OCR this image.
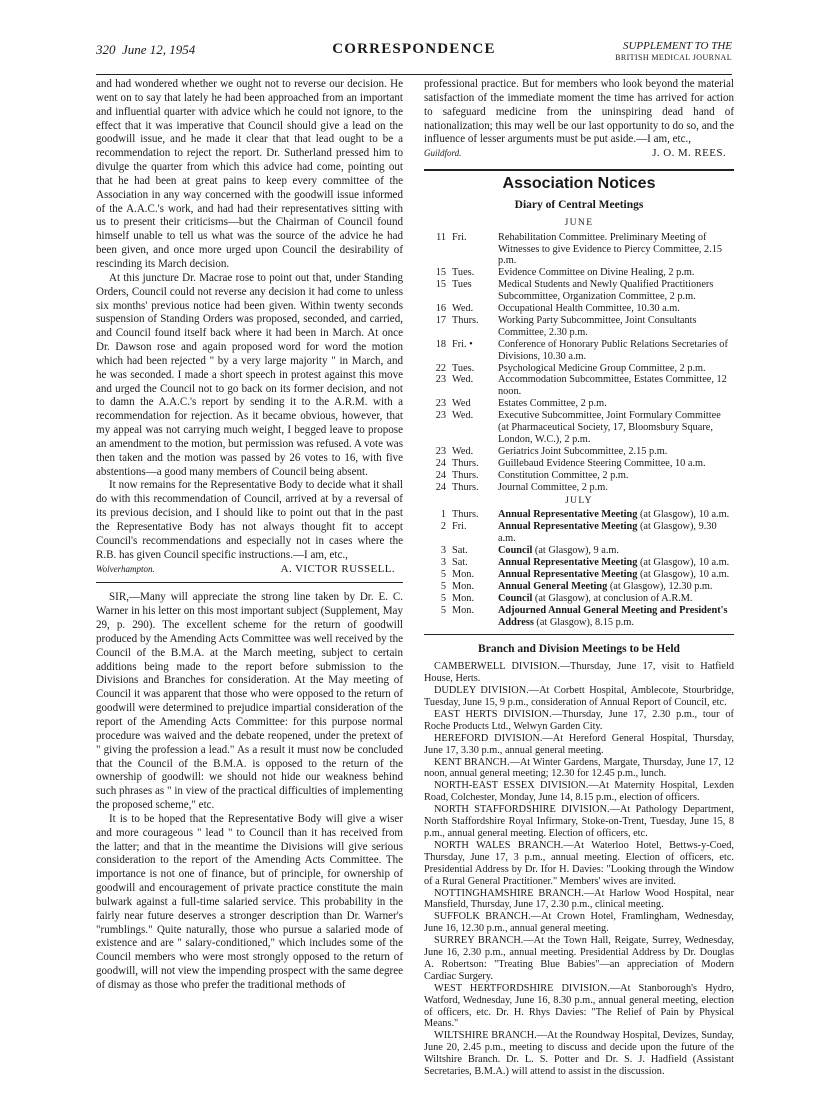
320 June 12, 1954	CORRESPONDENCE	SUPPLEMENT TO THE
BRITISH MEDICAL JOURNAL

and had wondered whether we ought not to reverse our decision. He went on to say that lately he had been approached from an important and influential quarter with advice which he could not ignore, to the effect that it was imperative that Council should give a lead on the goodwill issue, and he made it clear that that lead ought to be a recommendation to reject the report. Dr. Sutherland pressed him to divulge the quarter from which this advice had come, pointing out that he had been at great pains to keep every committee of the Association in any way concerned with the goodwill issue informed of the A.A.C.'s work, and had had their representatives sitting with us to present their criticisms—but the Chairman of Council found himself unable to tell us what was the source of the advice he had been given, and once more urged upon Council the desirability of rescinding its March decision.

At this juncture Dr. Macrae rose to point out that, under Standing Orders, Council could not reverse any decision it had come to unless six months' previous notice had been given. Within twenty seconds suspension of Standing Orders was proposed, seconded, and carried, and Council found itself back where it had been in March. At once Dr. Dawson rose and again proposed word for word the motion which had been rejected " by a very large majority " in March, and he was seconded. I made a short speech in protest against this move and urged the Council not to go back on its former decision, and not to damn the A.A.C.'s report by sending it to the A.R.M. with a recommendation for rejection. As it became obvious, however, that my appeal was not carrying much weight, I begged leave to propose an amendment to the motion, but permission was refused. A vote was then taken and the motion was passed by 26 votes to 16, with five abstentions—a good many members of Council being absent.

It now remains for the Representative Body to decide what it shall do with this recommendation of Council, arrived at by a reversal of its previous decision, and I should like to point out that in the past the Representative Body has not always thought fit to accept Council's recommendations and especially not in cases where the R.B. has given Council specific instructions.—I am, etc.,

Wolverhampton.	A. VICTOR RUSSELL.

SIR,—Many will appreciate the strong line taken by Dr. E. C. Warner in his letter on this most important subject (Supplement, May 29, p. 290). The excellent scheme for the return of goodwill produced by the Amending Acts Committee was well received by the Council of the B.M.A. at the March meeting, subject to certain additions being made to the report before submission to the Divisions and Branches for consideration. At the May meeting of Council it was apparent that those who were opposed to the return of goodwill were determined to prejudice impartial consideration of the report of the Amending Acts Committee: for this purpose normal procedure was waived and the debate reopened, under the pretext of " giving the profession a lead." As a result it must now be concluded that the Council of the B.M.A. is opposed to the return of the ownership of goodwill: we should not hide our weakness behind such phrases as " in view of the practical difficulties of implementing the proposed scheme," etc.

It is to be hoped that the Representative Body will give a wiser and more courageous " lead " to Council than it has received from the latter; and that in the meantime the Divisions will give serious consideration to the report of the Amending Acts Committee. The importance is not one of finance, but of principle, for ownership of goodwill and encouragement of private practice constitute the main bulwark against a full-time salaried service. This probability in the fairly near future deserves a stronger description than Dr. Warner's "rumblings." Quite naturally, those who pursue a salaried mode of existence and are " salary-conditioned," which includes some of the Council members who were most strongly opposed to the return of goodwill, will not view the impending prospect with the same degree of dismay as those who prefer the traditional methods of

professional practice. But for members who look beyond the material satisfaction of the immediate moment the time has arrived for action to safeguard medicine from the uninspiring dead hand of nationalization; this may well be our last opportunity to do so, and the influence of lesser arguments must be put aside.—I am, etc.,

Guildford.	J. O. M. REES.
Association Notices
Diary of Central Meetings
JUNE
11 Fri.	Rehabilitation Committee. Preliminary Meeting of Witnesses to give Evidence to Piercy Committee, 2.15 p.m.
15 Tues.	Evidence Committee on Divine Healing, 2 p.m.
15 Tues	Medical Students and Newly Qualified Practitioners Subcommittee, Organization Committee, 2 p.m.
16 Wed.	Occupational Health Committee, 10.30 a.m.
17 Thurs.	Working Party Subcommittee, Joint Consultants Committee, 2.30 p.m.
18 Fri. •	Conference of Honorary Public Relations Secretaries of Divisions, 10.30 a.m.
22 Tues.	Psychological Medicine Group Committee, 2 p.m.
23 Wed.	Accommodation Subcommittee, Estates Committee, 12 noon.
23 Wed	Estates Committee, 2 p.m.
23 Wed.	Executive Subcommittee, Joint Formulary Committee (at Pharmaceutical Society, 17, Bloomsbury Square, London, W.C.), 2 p.m.
23 Wed.	Geriatrics Joint Subcommittee, 2.15 p.m.
24 Thurs.	Guillebaud Evidence Steering Committee, 10 a.m.
24 Thurs.	Constitution Committee, 2 p.m.
24 Thurs.	Journal Committee, 2 p.m.
JULY
1 Thurs.	Annual Representative Meeting (at Glasgow), 10 a.m.
2 Fri.	Annual Representative Meeting (at Glasgow), 9.30 a.m.
3 Sat.	Council (at Glasgow), 9 a.m.
3 Sat.	Annual Representative Meeting (at Glasgow), 10 a.m.
5 Mon.	Annual Representative Meeting (at Glasgow), 10 a.m.
5 Mon.	Annual General Meeting (at Glasgow), 12.30 p.m.
5 Mon.	Council (at Glasgow), at conclusion of A.R.M.
5 Mon.	Adjourned Annual General Meeting and President's Address (at Glasgow), 8.15 p.m.
Branch and Division Meetings to be Held

CAMBERWELL DIVISION.—Thursday, June 17, visit to Hatfield House, Herts.

DUDLEY DIVISION.—At Corbett Hospital, Amblecote, Stourbridge, Tuesday, June 15, 9 p.m., consideration of Annual Report of Council, etc.

EAST HERTS DIVISION.—Thursday, June 17, 2.30 p.m., tour of Roche Products Ltd., Welwyn Garden City.

HEREFORD DIVISION.—At Hereford General Hospital, Thursday, June 17, 3.30 p.m., annual general meeting.

KENT BRANCH.—At Winter Gardens, Margate, Thursday, June 17, 12 noon, annual general meeting; 12.30 for 12.45 p.m., lunch.

NORTH-EAST ESSEX DIVISION.—At Maternity Hospital, Lexden Road, Colchester, Monday, June 14, 8.15 p.m., election of officers.

NORTH STAFFORDSHIRE DIVISION.—At Pathology Department, North Staffordshire Royal Infirmary, Stoke-on-Trent, Tuesday, June 15, 8 p.m., annual general meeting. Election of officers, etc.

NORTH WALES BRANCH.—At Waterloo Hotel, Bettws-y-Coed, Thursday, June 17, 3 p.m., annual meeting. Election of officers, etc. Presidential Address by Dr. Ifor H. Davies: "Looking through the Window of a Rural General Practitioner." Members' wives are invited.

NOTTINGHAMSHIRE BRANCH.—At Harlow Wood Hospital, near Mansfield, Thursday, June 17, 2.30 p.m., clinical meeting.

SUFFOLK BRANCH.—At Crown Hotel, Framlingham, Wednesday, June 16, 12.30 p.m., annual general meeting.

SURREY BRANCH.—At the Town Hall, Reigate, Surrey, Wednesday, June 16, 2.30 p.m., annual meeting. Presidential Address by Dr. Douglas A. Robertson: "Treating Blue Babies"—an appreciation of Modern Cardiac Surgery.

WEST HERTFORDSHIRE DIVISION.—At Stanborough's Hydro, Watford, Wednesday, June 16, 8.30 p.m., annual general meeting, election of officers, etc. Dr. H. Rhys Davies: "The Relief of Pain by Physical Means."

WILTSHIRE BRANCH.—At the Roundway Hospital, Devizes, Sunday, June 20, 2.45 p.m., meeting to discuss and decide upon the future of the Wiltshire Branch. Dr. L. S. Potter and Dr. S. J. Hadfield (Assistant Secretaries, B.M.A.) will attend to assist in the discussion.
